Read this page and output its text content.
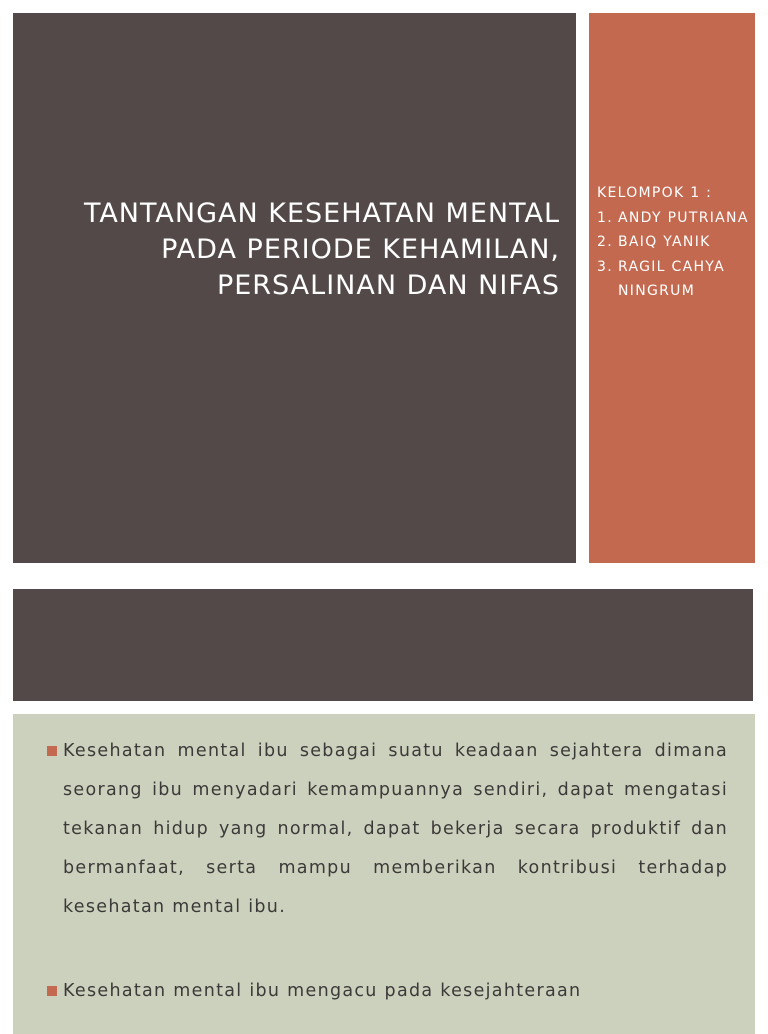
TANTANGAN KESEHATAN MENTAL
PADA PERIODE KEHAMILAN,
PERSALINAN DAN NIFAS
KELOMPOK 1 :
1. ANDY PUTRIANA
2. BAIQ YANIK
3. RAGIL CAHYA NINGRUM
Kesehatan mental ibu sebagai suatu keadaan sejahtera dimana seorang ibu menyadari kemampuannya sendiri, dapat mengatasi tekanan hidup yang normal, dapat bekerja secara produktif dan bermanfaat, serta mampu memberikan kontribusi terhadap kesehatan mental ibu.
Kesehatan mental ibu mengacu pada kesejahteraan
